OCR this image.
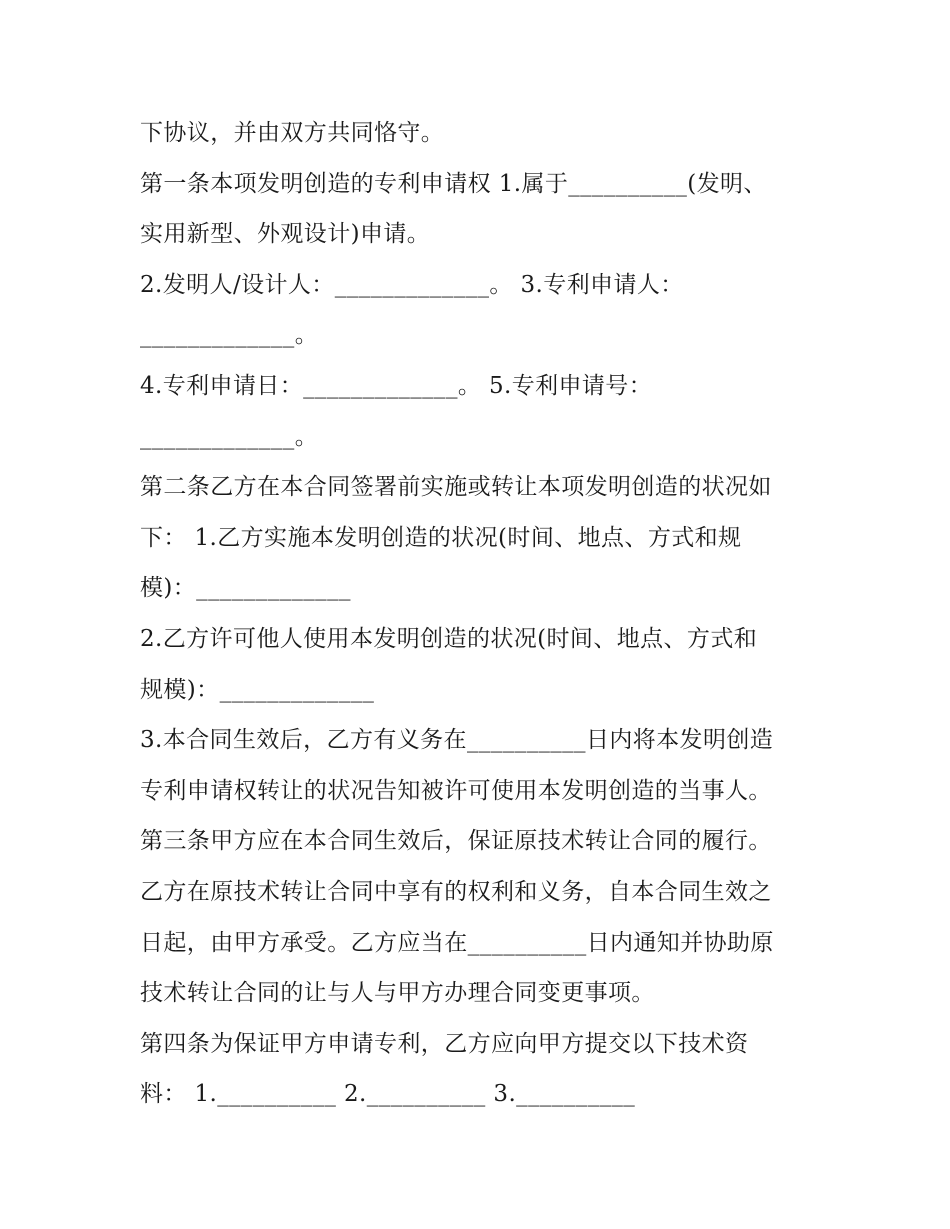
下协议，并由双方共同恪守。
第一条本项发明创造的专利申请权 1.属于__________(发明、
实用新型、外观设计)申请。
2.发明人/设计人：_____________。 3.专利申请人：
_____________。
4.专利申请日：_____________。 5.专利申请号：
_____________。
第二条乙方在本合同签署前实施或转让本项发明创造的状况如
下： 1.乙方实施本发明创造的状况(时间、地点、方式和规
模)：_____________
2.乙方许可他人使用本发明创造的状况(时间、地点、方式和
规模)：_____________
3.本合同生效后，乙方有义务在__________日内将本发明创造
专利申请权转让的状况告知被许可使用本发明创造的当事人。
第三条甲方应在本合同生效后，保证原技术转让合同的履行。
乙方在原技术转让合同中享有的权利和义务，自本合同生效之
日起，由甲方承受。乙方应当在__________日内通知并协助原
技术转让合同的让与人与甲方办理合同变更事项。
第四条为保证甲方申请专利，乙方应向甲方提交以下技术资
料： 1.__________ 2.__________ 3.__________
